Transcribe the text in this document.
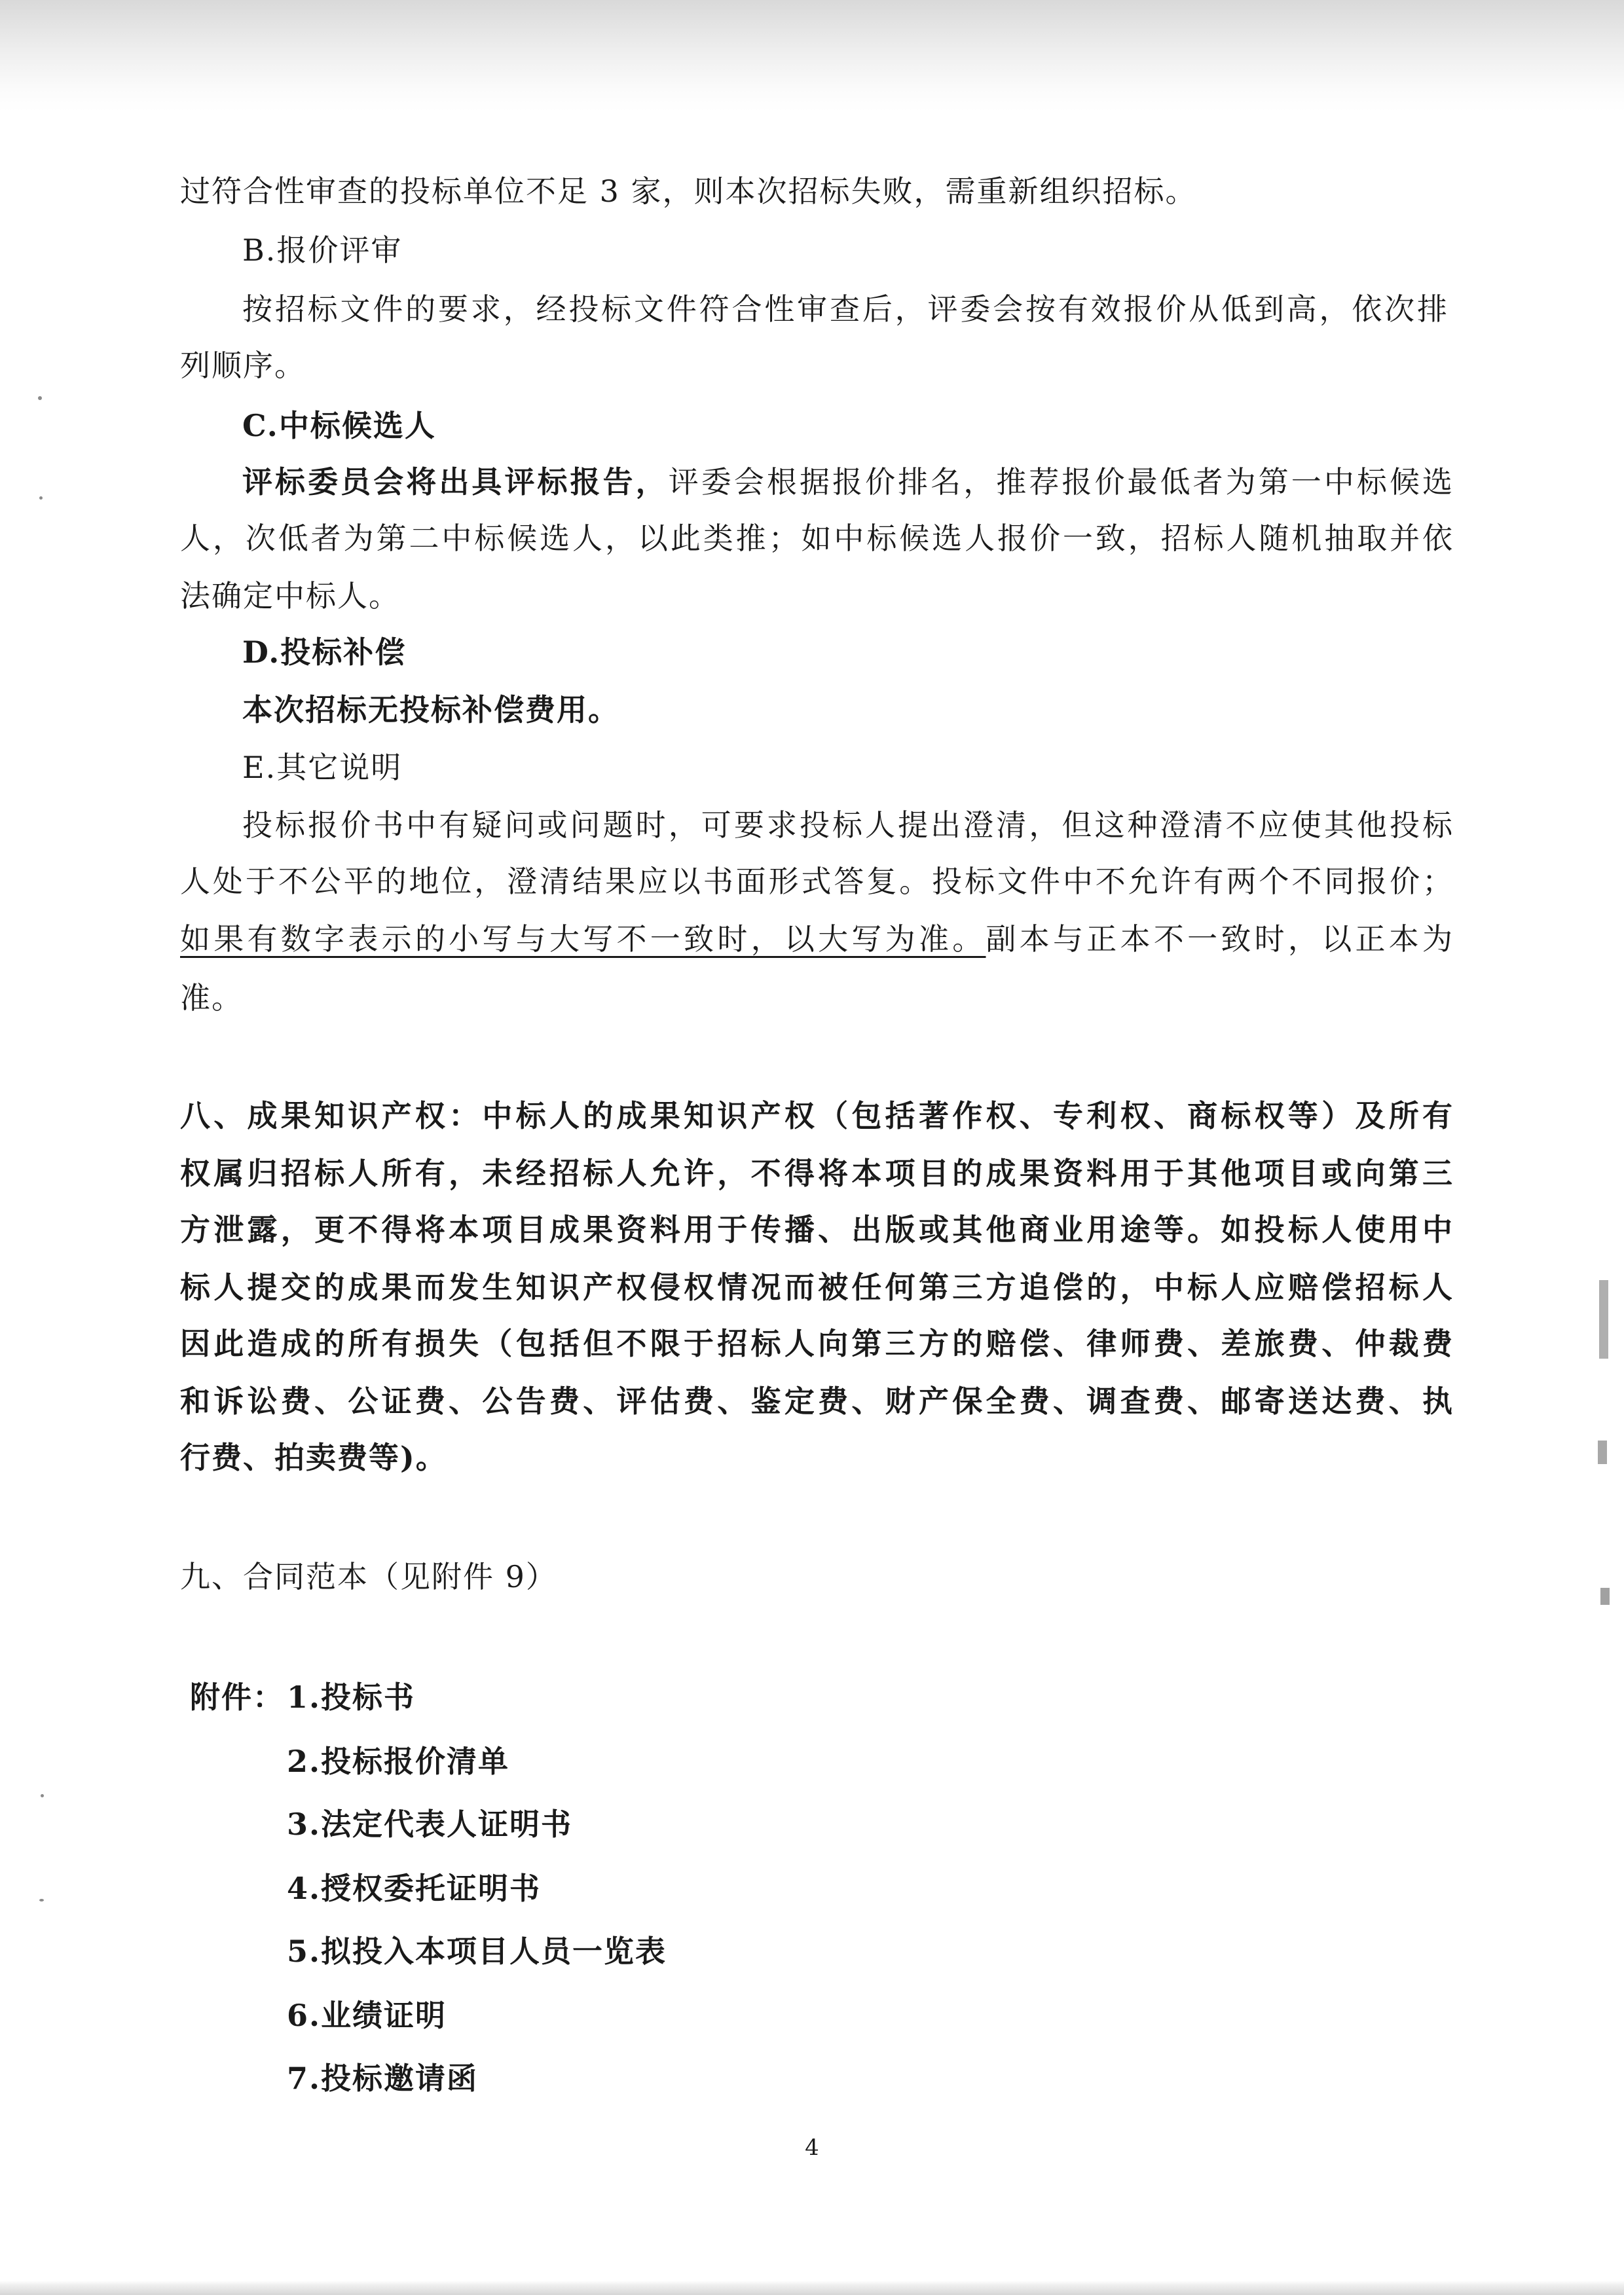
过符合性审查的投标单位不足 3 家，则本次招标失败，需重新组织招标。
B.报价评审
按招标文件的要求，经投标文件符合性审查后，评委会按有效报价从低到高，依次排
列顺序。
C.中标候选人
评标委员会将出具评标报告，评委会根据报价排名，推荐报价最低者为第一中标候选
人，次低者为第二中标候选人，以此类推；如中标候选人报价一致，招标人随机抽取并依
法确定中标人。
D.投标补偿
本次招标无投标补偿费用。
E.其它说明
投标报价书中有疑问或问题时，可要求投标人提出澄清，但这种澄清不应使其他投标
人处于不公平的地位，澄清结果应以书面形式答复。投标文件中不允许有两个不同报价；
如果有数字表示的小写与大写不一致时，以大写为准。副本与正本不一致时，以正本为
准。
八、成果知识产权：中标人的成果知识产权（包括著作权、专利权、商标权等）及所有
权属归招标人所有，未经招标人允许，不得将本项目的成果资料用于其他项目或向第三
方泄露，更不得将本项目成果资料用于传播、出版或其他商业用途等。如投标人使用中
标人提交的成果而发生知识产权侵权情况而被任何第三方追偿的，中标人应赔偿招标人
因此造成的所有损失（包括但不限于招标人向第三方的赔偿、律师费、差旅费、仲裁费
和诉讼费、公证费、公告费、评估费、鉴定费、财产保全费、调查费、邮寄送达费、执
行费、拍卖费等)。
九、合同范本（见附件 9）
附件： 1.投标书
2.投标报价清单
3.法定代表人证明书
4.授权委托证明书
5.拟投入本项目人员一览表
6.业绩证明
7.投标邀请函
4
